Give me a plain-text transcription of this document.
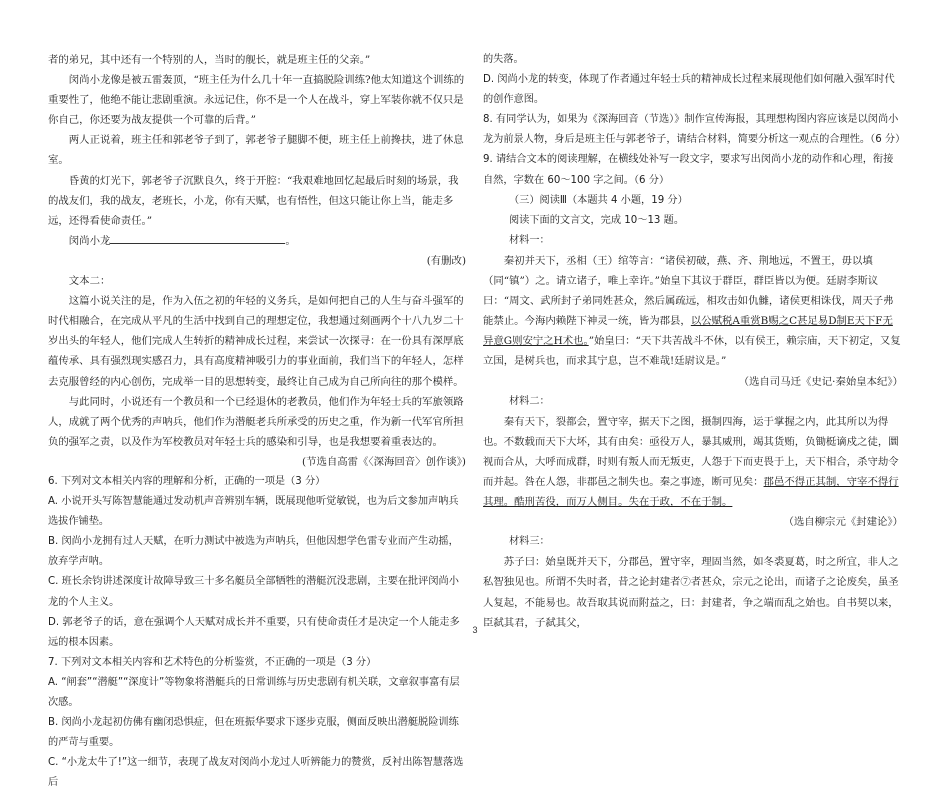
者的弟兄，其中还有一个特别的人，当时的舰长，就是班主任的父亲。”

闵尚小龙像是被五雷轰顶，“班主任为什么几十年一直搞脱险训练?他太知道这个训练的重要性了，他绝不能让悲剧重演。永远记住，你不是一个人在战斗，穿上军装你就不仅只是你自己，你还要为战友提供一个可靠的后背。”

两人正说着，班主任和郭老爷子到了，郭老爷子腿脚不便，班主任上前搀扶，进了休息室。

昏黄的灯光下，郭老爷子沉默良久，终于开腔：“我艰难地回忆起最后时刻的场景，我的战友们，我的战友，老班长，小龙，你有天赋，也有悟性，但这只能让你上当，能走多远，还得看使命责任。”

闵尚小龙	。

(有删改)

文本二：

这篇小说关注的是，作为入伍之初的年轻的义务兵，是如何把自己的人生与奋斗强军的时代相融合，在完成从平凡的生活中找到自己的理想定位，我想通过刻画两个十八九岁二十岁出头的年轻人，他们完成人生转折的精神成长过程，来尝试一次探寻：在一份具有深厚底蕴传承、具有强烈现实感召力，具有高度精神吸引力的事业面前，我们当下的年轻人，怎样去克服曾经的内心创伤，完成举一目的思想转变，最终让自己成为自己所向往的那个模样。

与此同时，小说还有一个教员和一个已经退休的老教员，他们作为年轻士兵的军旅领路人，成就了两个优秀的声呐兵，他们作为潜艇老兵所承受的历史之重，作为新一代军官所担负的强军之责，以及作为军校教员对年轻士兵的感染和引导，也是我想要着重表达的。

(节选自高雷《〈深海回音〉创作谈》)

6. 下列对文本相关内容的理解和分析，正确的一项是（3 分）

A. 小说开头写陈智慧能通过发动机声音辨别车辆，既展现他听觉敏锐，也为后文参加声呐兵选拔作铺垫。

B. 闵尚小龙拥有过人天赋，在听力测试中被选为声呐兵，但他因想学色雷专业而产生动摇，放弃学声呐。

C. 班长余钧讲述深度计故障导致三十多名艇员全部牺牲的潜艇沉没悲剧，主要在批评闵尚小龙的个人主义。

D. 郭老爷子的话，意在强调个人天赋对成长并不重要，只有使命责任才是决定一个人能走多远的根本因素。

7. 下列对文本相关内容和艺术特色的分析鉴赏，不正确的一项是（3 分）

A. “闸套”“潜艇”“深度计”等物象将潜艇兵的日常训练与历史悲剧有机关联，文章叙事富有层次感。

B. 闵尚小龙起初仿佛有幽闭恐惧症，但在班振华要求下逐步克服，侧面反映出潜艇脱险训练的严苛与重要。

C. “小龙太牛了!”这一细节，表现了战友对闵尚小龙过人听辨能力的赞赏，反衬出陈智慧落选后

的失落。

D. 闵尚小龙的转变，体现了作者通过年轻士兵的精神成长过程来展现他们如何融入强军时代的创作意图。

8. 有同学认为，如果为《深海回音（节选）》制作宣传海报，其理想构图内容应该是以闵尚小龙为前景人物，身后是班主任与郭老爷子，请结合材料，简要分析这一观点的合理性。（6 分）

9. 请结合文本的阅读理解，在横线处补写一段文字，要求写出闵尚小龙的动作和心理，衔接自然，字数在 60～100 字之间。（6 分）

（三）阅读Ⅲ（本题共 4 小题，19 分）

阅读下面的文言文，完成 10～13 题。

材料一：

秦初并天下，丞相（王）绾等言：“诸侯初破，燕、齐、荆地远，不置王，毋以填（同“镇”）之。请立诸子，唯上幸许。”始皇下其议于群臣，群臣皆以为便。廷尉李斯议曰：“周文、武所封子弟同姓甚众，然后属疏远，相攻击如仇雠，诸侯更相诛伐，周天子弗能禁止。今海内赖陛下神灵一统，皆为郡县，以公赋税A重赏B赐之C甚足易D制E天下F无异意G则安宁之H术也。”始皇曰：“天下共苦战斗不休，以有侯王，赖宗庙，天下初定，又复立国，是树兵也，而求其宁息，岂不难哉!廷尉议是。”

（选自司马迁《史记·秦始皇本纪》）

材料二：

秦有天下，裂都会，置守宰，据天下之图，摄制四海，运于掌握之内，此其所以为得也。不数载而天下大坏，其有由矣：亟役万人，暴其威刑，竭其货贿，负锄梃谪戍之徒，圜视而合从，大呼而成群，时则有叛人而无叛吏，人怨于下而吏畏于上，天下相合，杀守劫令而并起。咎在人怨，非郡邑之制失也。秦之事迹，断可见矣：郡邑不得正其制，守宰不得行其理。酷刑苦役，而万人侧目。失在于政，不在于制。

（选自柳宗元《封建论》）

材料三：

苏子曰：始皇既并天下，分郡邑，置守宰，理固当然，如冬裘夏葛，时之所宜，非人之私智独见也。所谓不失时者，昔之论封建者⑦者甚众，宗元之论出，而诸子之论废矣，虽圣人复起，不能易也。故吾取其说而附益之，曰：封建者，争之端而乱之始也。自书契以来，臣弑其君，子弑其父，

3
